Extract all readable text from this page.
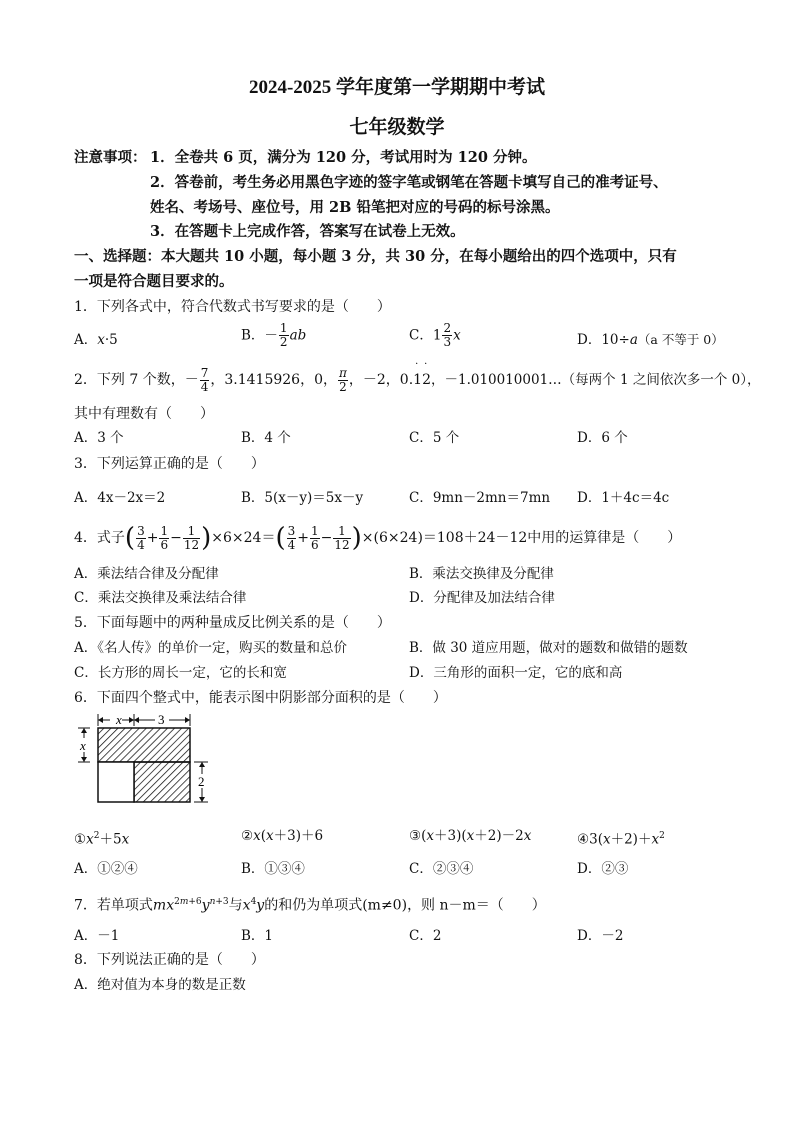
2024-2025 学年度第一学期期中考试
七年级数学
注意事项： 1．全卷共 6 页，满分为 120 分，考试用时为 120 分钟。
2．答卷前，考生务必用黑色字迹的签字笔或钢笔在答题卡填写自己的准考证号、
姓名、考场号、座位号，用 2B 铅笔把对应的号码的标号涂黑。
3．在答题卡上完成作答，答案写在试卷上无效。
一、选择题：本大题共 10 小题，每小题 3 分，共 30 分，在每小题给出的四个选项中，只有
一项是符合题目要求的。
1．下列各式中，符合代数式书写要求的是（　　）
A．x·5	B．－ $\frac{1}{2}$ ab	C．$1 \frac{2}{3}$ x	D．10÷a（a 不等于 0）
2．下列 7 个数，－ $\frac{7}{4}$ ，3.1415926，0， $\frac{\pi}{2}$ ，－2，0.1
·
2
·
，－1.010010001…（每两个 1 之间依次多一个 0），
其中有理数有（　　）
A．3 个	B．4 个	C．5 个	D．6 个
3．下列运算正确的是（　　）
A．4x－2x＝2	B．5(x－y)＝5x－y	C．9mn－2mn＝7mn D．1＋4c＝4c
4．式子( $\frac{3}{4} + \frac{1}{6} - \frac{1}{12} )\times 6\times 24=( \frac{3}{4} + \frac{1}{6} - \frac{1}{12} )\times(6\times 24)=108+24-12$中用的运算律是（　　）
A．乘法结合律及分配律	B．乘法交换律及分配律
C．乘法交换律及乘法结合律	D．分配律及加法结合律
5．下面每题中的两种量成反比例关系的是（　　）
A．《名人传》的单价一定，购买的数量和总价	B．做 30 道应用题，做对的题数和做错的题数
C．长方形的周长一定，它的长和宽	D．三角形的面积一定，它的底和高
6．下面四个整式中，能表示图中阴影部分面积的是（　　）
x	3
x
2
$①x^2+5x$	②x(x＋3)＋6	③(x＋3)(x＋2)－2x	$④3(x+2)+x^2$
A．①②④	B．①③④	C．②③④	D．②③
7．若单项式$mx^{2m+6}y^{n+3}$与$x^4y$的和仍为单项式(m≠0)，则 n－m＝（　　）
A．－1	B．1	C．2	D．－2
8．下列说法正确的是（　　）
A．绝对值为本身的数是正数
